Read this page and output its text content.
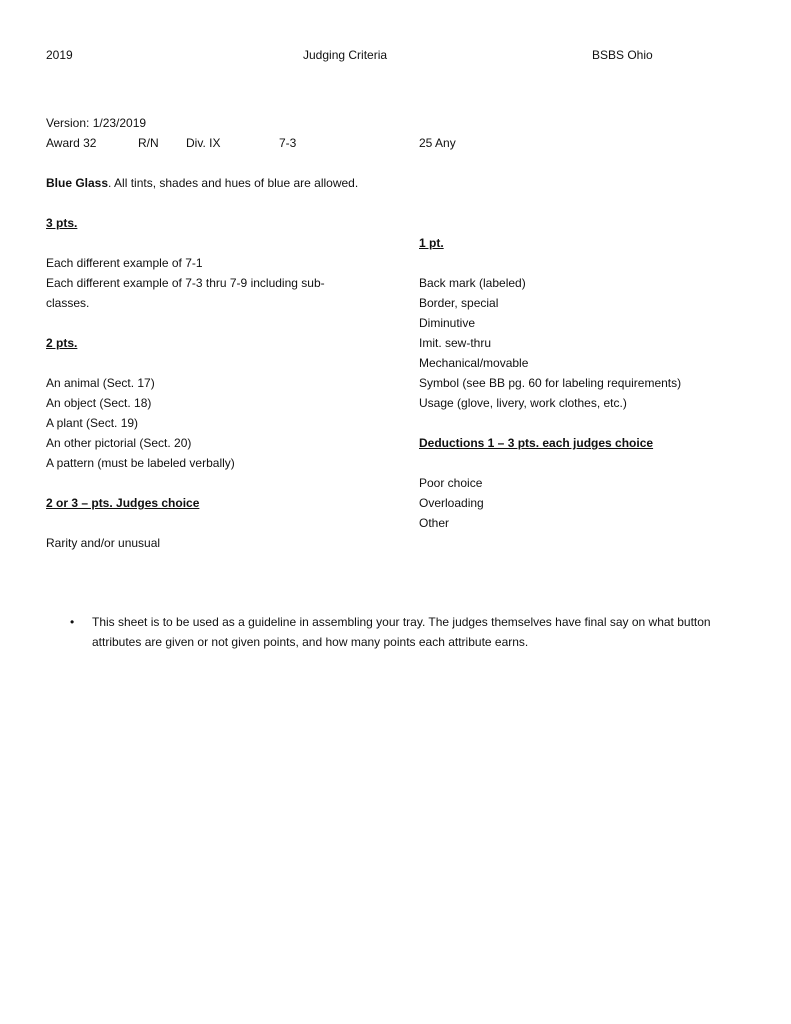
2019	Judging Criteria	BSBS Ohio
Version: 1/23/2019
Award 32	R/N Div. IX	7-3	25 Any
Blue Glass. All tints, shades and hues of blue are allowed.
3 pts.
Each different example of 7-1
Each different example of 7-3 thru 7-9 including sub-classes.
2 pts.
An animal (Sect. 17)
An object (Sect. 18)
A plant (Sect. 19)
An other pictorial (Sect. 20)
A pattern (must be labeled verbally)
2 or 3 – pts. Judges choice
Rarity and/or unusual
1 pt.
Back mark (labeled)
Border, special
Diminutive
Imit. sew-thru
Mechanical/movable
Symbol (see BB pg. 60 for labeling requirements)
Usage (glove, livery, work clothes, etc.)
Deductions 1 – 3 pts. each judges choice
Poor choice
Overloading
Other
• This sheet is to be used as a guideline in assembling your tray. The judges themselves have final say on what button attributes are given or not given points, and how many points each attribute earns.
